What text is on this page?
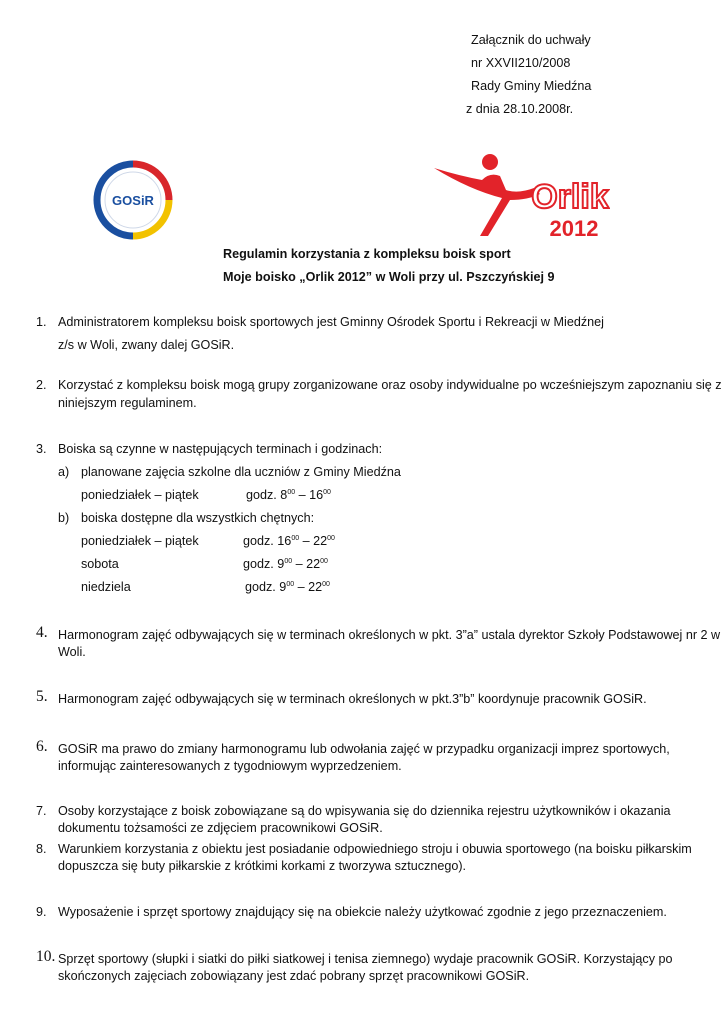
Załącznik do uchwały
nr XXVII210/2008
Rady Gminy Miedźna
z dnia 28.10.2008r.
GOSiR	Orlik
2012
Regulamin korzystania z kompleksu boisk sport
Moje boisko „Orlik 2012” w Woli przy ul. Pszczyńskiej 9
1. Administratorem kompleksu boisk sportowych jest Gminny Ośrodek Sportu i Rekreacji w Miedźnej
z/s w Woli, zwany dalej GOSiR.
2. Korzystać z kompleksu boisk mogą grupy zorganizowane oraz osoby indywidualne po wcześniejszym zapoznaniu się z
niniejszym regulaminem.
3. Boiska są czynne w następujących terminach i godzinach:
a) planowane zajęcia szkolne dla uczniów z Gminy Miedźna
poniedziałek – piątek	godz. $8^{00} - 16^{00}$
b) boiska dostępne dla wszystkich chętnych:
poniedziałek – piątek	godz. $16^{00} - 22^{00}$
sobota	godz. $9^{00} - 22^{00}$
niedziela	godz. $9^{00} - 22^{00}$
4. Harmonogram zajęć odbywających się w terminach określonych w pkt. 3”a” ustala dyrektor Szkoły Podstawowej nr 2 w
Woli.
5. Harmonogram zajęć odbywających się w terminach określonych w pkt.3”b” koordynuje pracownik GOSiR.
6. GOSiR ma prawo do zmiany harmonogramu lub odwołania zajęć w przypadku organizacji imprez sportowych,
informując zainteresowanych z tygodniowym wyprzedzeniem.
7. Osoby korzystające z boisk zobowiązane są do wpisywania się do dziennika rejestru użytkowników i okazania
dokumentu tożsamości ze zdjęciem pracownikowi GOSiR.
8. Warunkiem korzystania z obiektu jest posiadanie odpowiedniego stroju i obuwia sportowego (na boisku piłkarskim
dopuszcza się buty piłkarskie z krótkimi korkami z tworzywa sztucznego).
9. Wyposażenie i sprzęt sportowy znajdujący się na obiekcie należy użytkować zgodnie z jego przeznaczeniem.
10. Sprzęt sportowy (słupki i siatki do piłki siatkowej i tenisa ziemnego) wydaje pracownik GOSiR. Korzystający po
skończonych zajęciach zobowiązany jest zdać pobrany sprzęt pracownikowi GOSiR.
